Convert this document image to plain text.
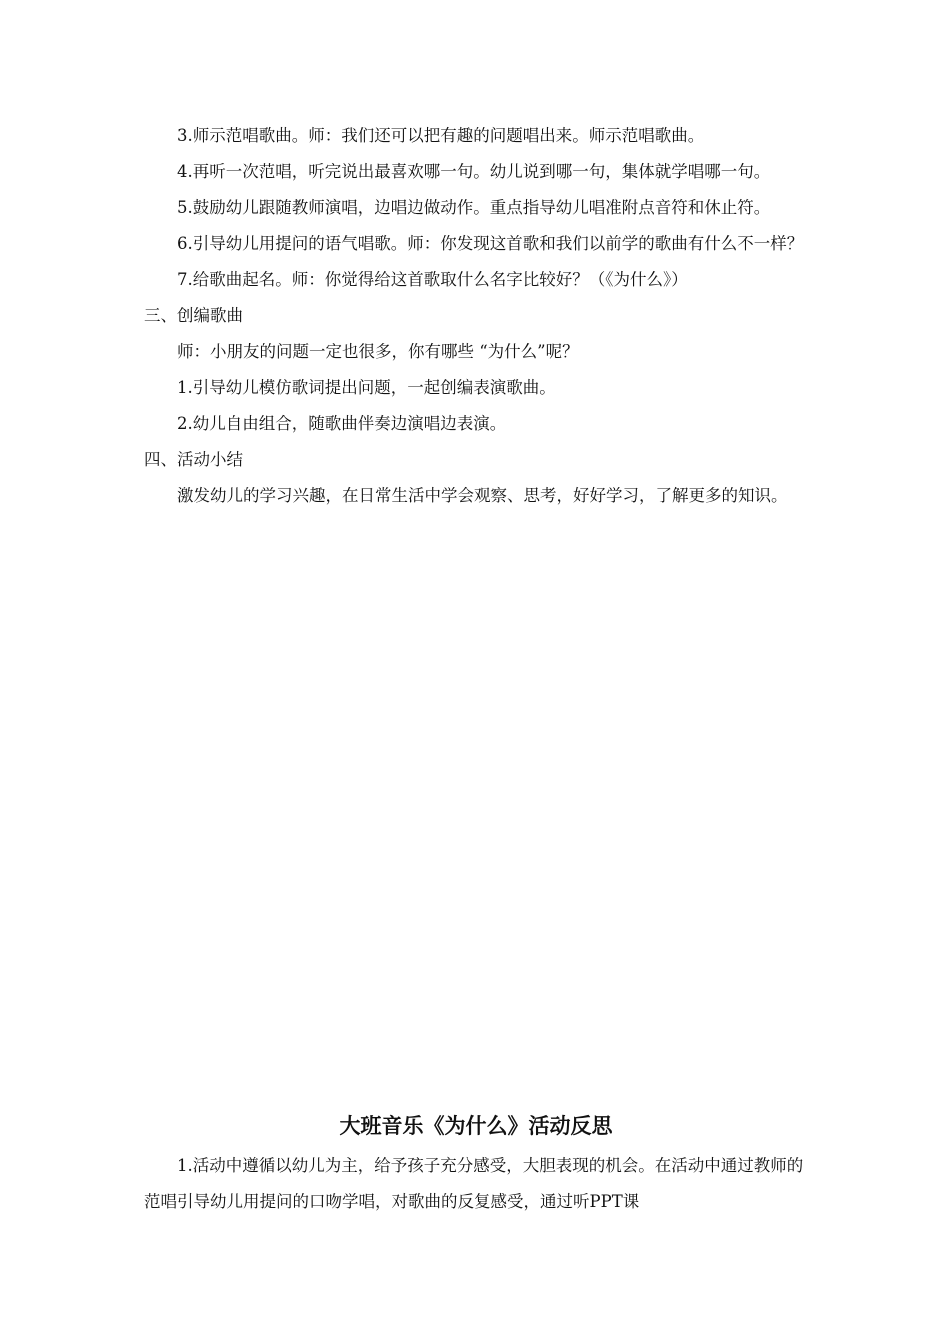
3.师示范唱歌曲。师：我们还可以把有趣的问题唱出来。师示范唱歌曲。

4.再听一次范唱，听完说出最喜欢哪一句。幼儿说到哪一句，集体就学唱哪一句。

5.鼓励幼儿跟随教师演唱，边唱边做动作。重点指导幼儿唱准附点音符和休止符。

6.引导幼儿用提问的语气唱歌。师：你发现这首歌和我们以前学的歌曲有什么不一样？

7.给歌曲起名。师：你觉得给这首歌取什么名字比较好？（《为什么》）

三、创编歌曲

师：小朋友的问题一定也很多，你有哪些 “为什么”呢？

1.引导幼儿模仿歌词提出问题，一起创编表演歌曲。

2.幼儿自由组合，随歌曲伴奏边演唱边表演。

四、活动小结

激发幼儿的学习兴趣，在日常生活中学会观察、思考，好好学习，了解更多的知识。

大班音乐《为什么》活动反思

1.活动中遵循以幼儿为主，给予孩子充分感受，大胆表现的机会。在活动中通过教师的范唱引导幼儿用提问的口吻学唱，对歌曲的反复感受，通过听PPT课
